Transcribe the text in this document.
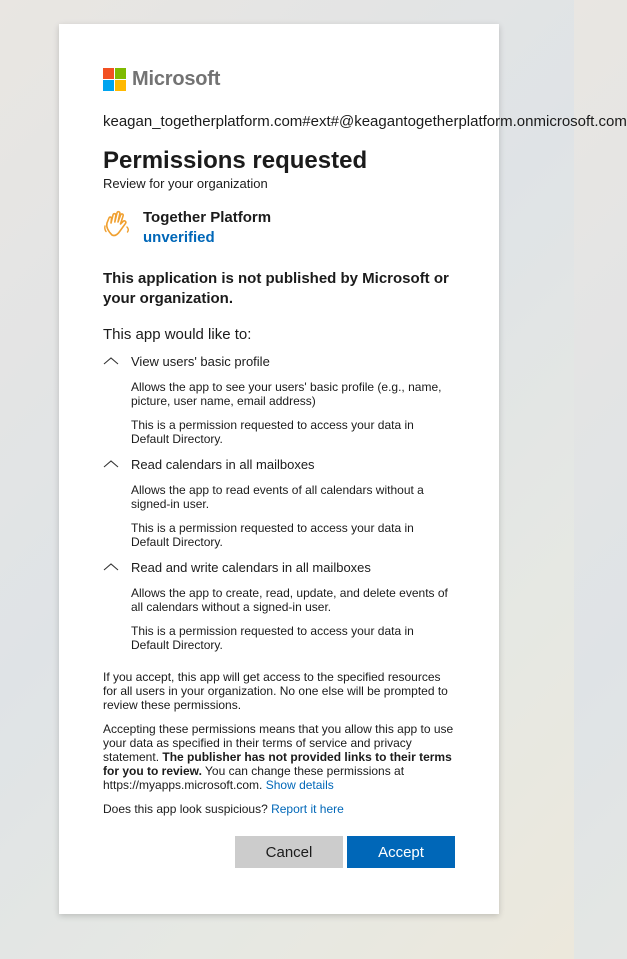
Microsoft
keagan_togetherplatform.com#ext#@keagantogetherplatform.onmicrosoft.com
Permissions requested
Review for your organization
Together Platform
unverified
This application is not published by Microsoft or your organization.
This app would like to:
View users' basic profile

Allows the app to see your users' basic profile (e.g., name, picture, user name, email address)

This is a permission requested to access your data in Default Directory.

Read calendars in all mailboxes

Allows the app to read events of all calendars without a signed-in user.

This is a permission requested to access your data in Default Directory.

Read and write calendars in all mailboxes

Allows the app to create, read, update, and delete events of all calendars without a signed-in user.

This is a permission requested to access your data in Default Directory.

If you accept, this app will get access to the specified resources for all users in your organization. No one else will be prompted to review these permissions.
Accepting these permissions means that you allow this app to use your data as specified in their terms of service and privacy statement. The publisher has not provided links to their terms for you to review. You can change these permissions at https://myapps.microsoft.com. Show details
Does this app look suspicious? Report it here
Cancel	Accept
